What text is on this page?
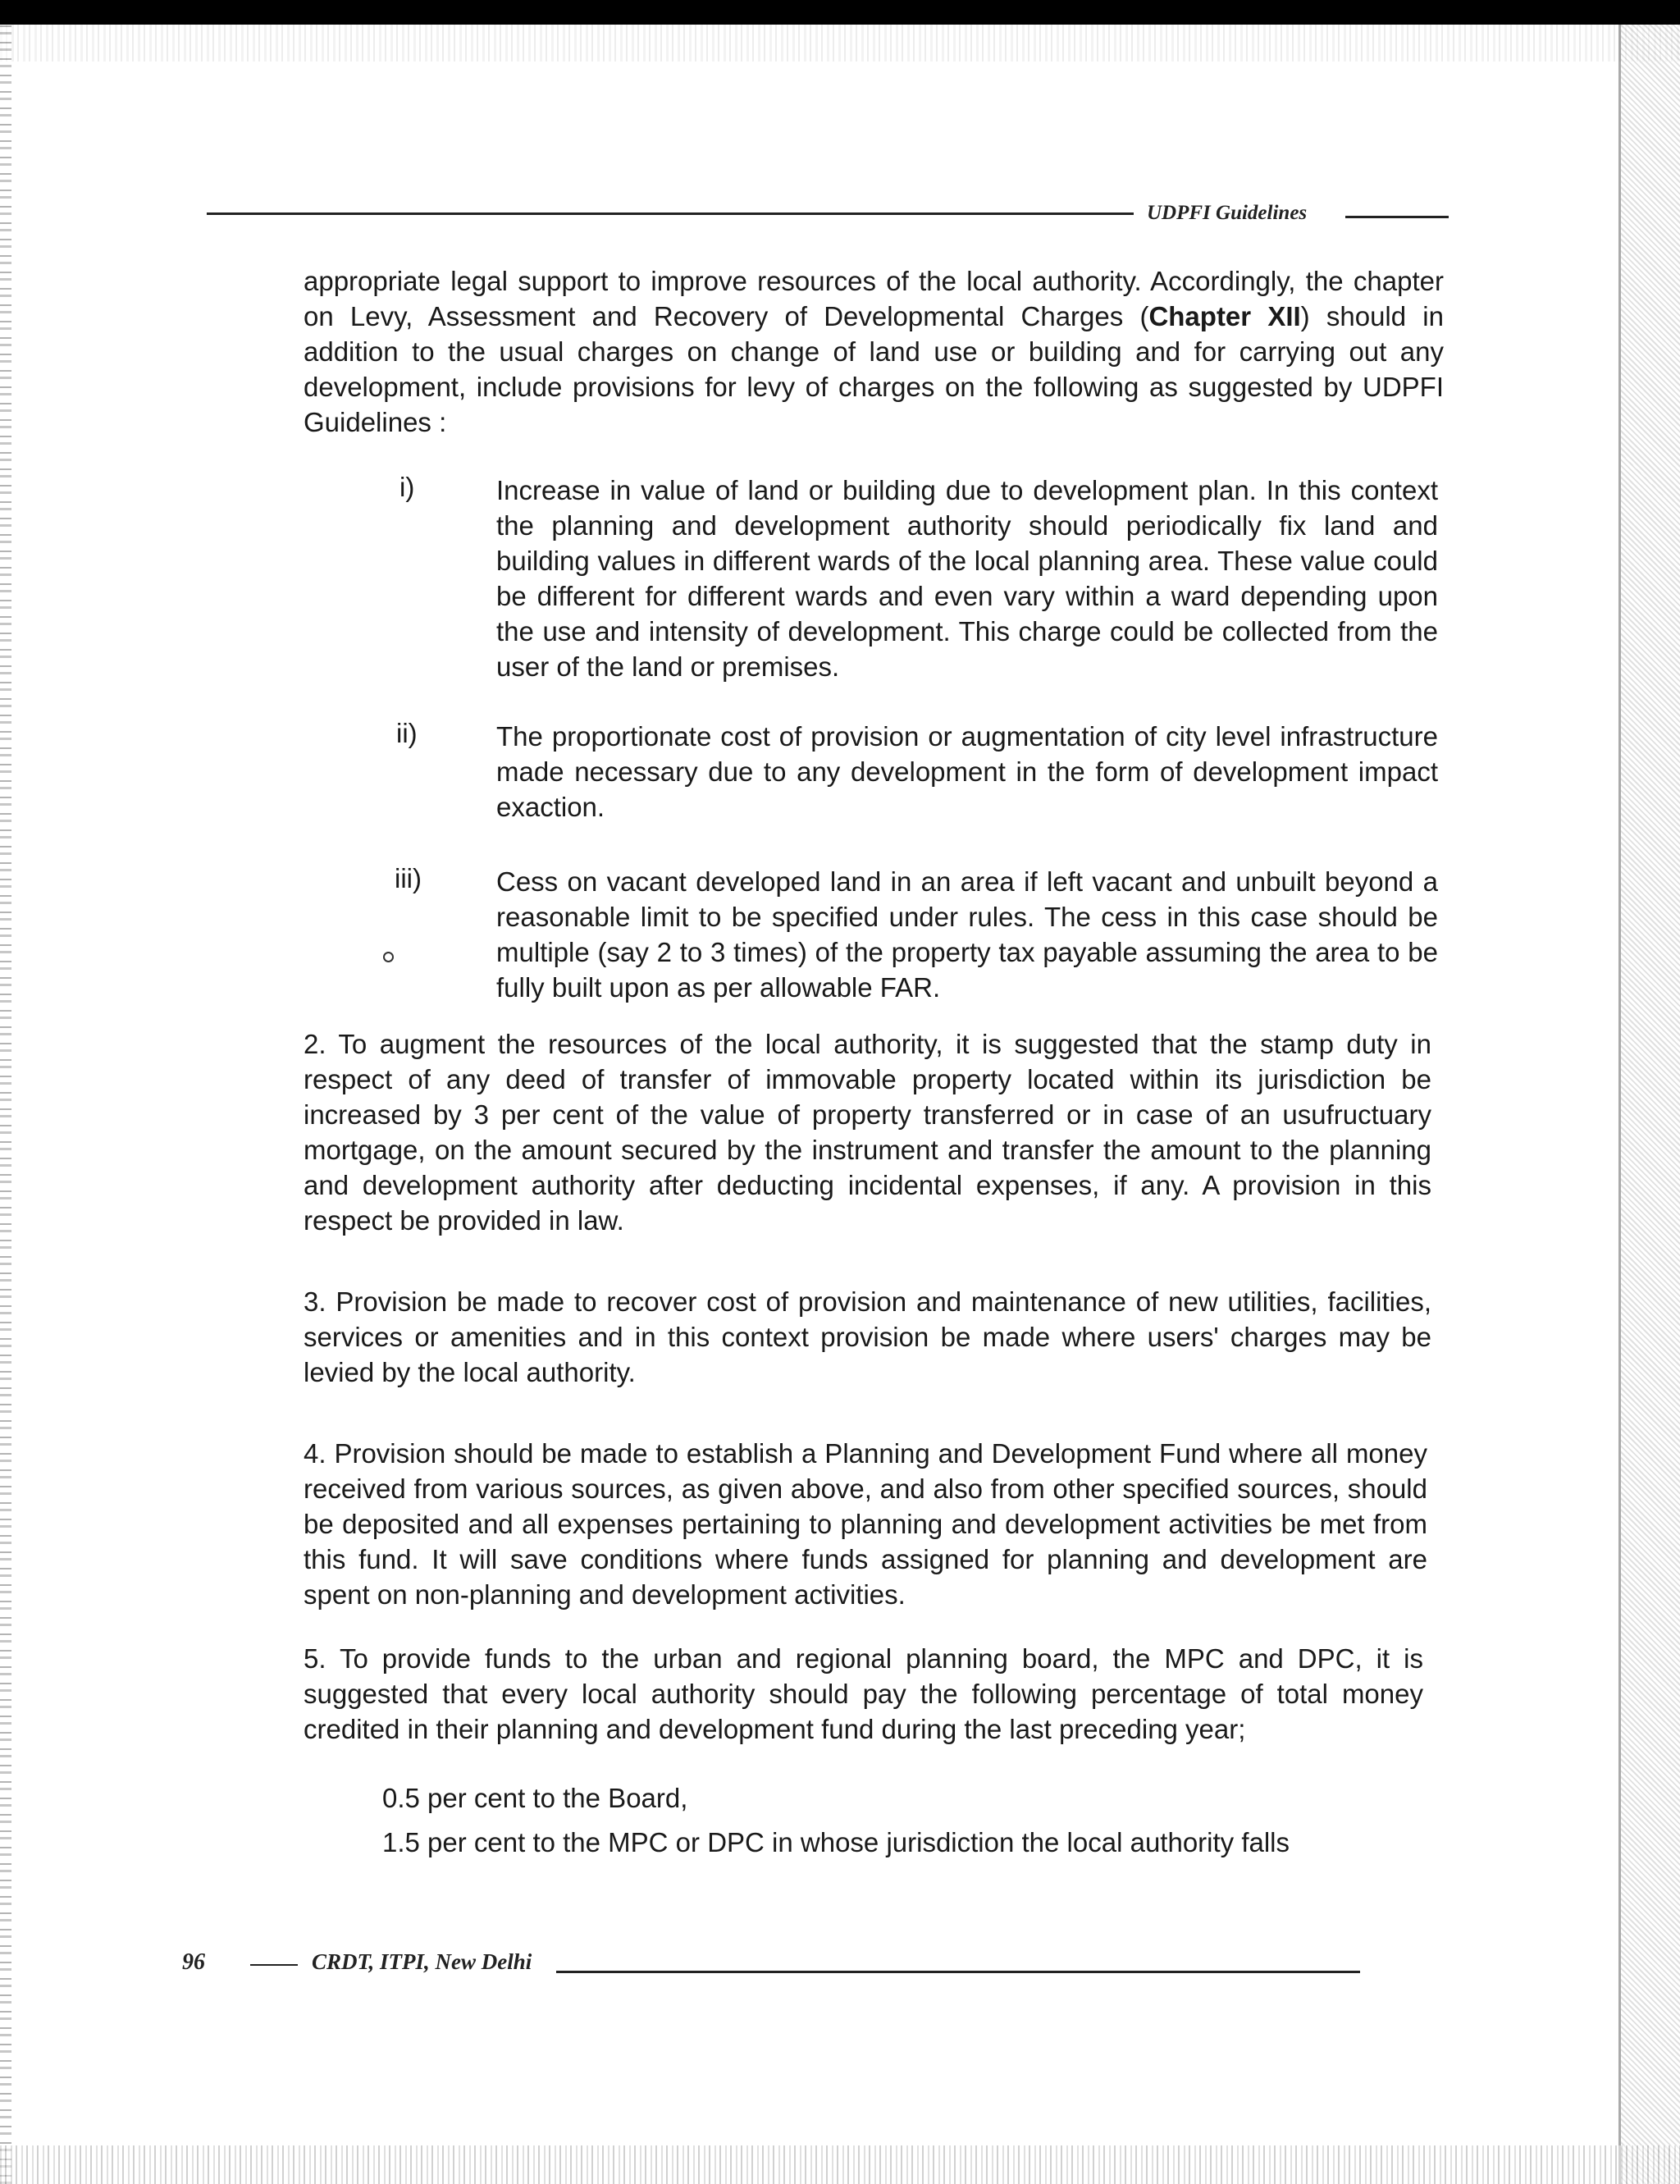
UDPFI Guidelines

appropriate legal support to improve resources of the local authority. Accordingly, the chapter on Levy, Assessment and Recovery of Developmental Charges (Chapter XII) should in addition to the usual charges on change of land use or building and for carrying out any development, include provisions for levy of charges on the following as suggested by UDPFI Guidelines :

i)	Increase in value of land or building due to development plan. In this context the planning and development authority should periodically fix land and building values in different wards of the local planning area. These value could be different for different wards and even vary within a ward depending upon the use and intensity of development. This charge could be collected from the user of the land or premises.

ii)	The proportionate cost of provision or augmentation of city level infrastructure made necessary due to any development in the form of development impact exaction.

iii)	Cess on vacant developed land in an area if left vacant and unbuilt beyond a reasonable limit to be specified under rules. The cess in this case should be multiple (say 2 to 3 times) of the property tax payable assuming the area to be fully built upon as per allowable FAR.

2. To augment the resources of the local authority, it is suggested that the stamp duty in respect of any deed of transfer of immovable property located within its jurisdiction be increased by 3 per cent of the value of property transferred or in case of an usufructuary mortgage, on the amount secured by the instrument and transfer the amount to the planning and development authority after deducting incidental expenses, if any. A provision in this respect be provided in law.

3. Provision be made to recover cost of provision and maintenance of new utilities, facilities, services or amenities and in this context provision be made where users' charges may be levied by the local authority.

4. Provision should be made to establish a Planning and Development Fund where all money received from various sources, as given above, and also from other specified sources, should be deposited and all expenses pertaining to planning and development activities be met from this fund. It will save conditions where funds assigned for planning and development are spent on non-planning and development activities.

5. To provide funds to the urban and regional planning board, the MPC and DPC, it is suggested that every local authority should pay the following percentage of total money credited in their planning and development fund during the last preceding year;

0.5 per cent to the Board,
1.5 per cent to the MPC or DPC in whose jurisdiction the local authority falls
96	CRDT, ITPI, New Delhi
